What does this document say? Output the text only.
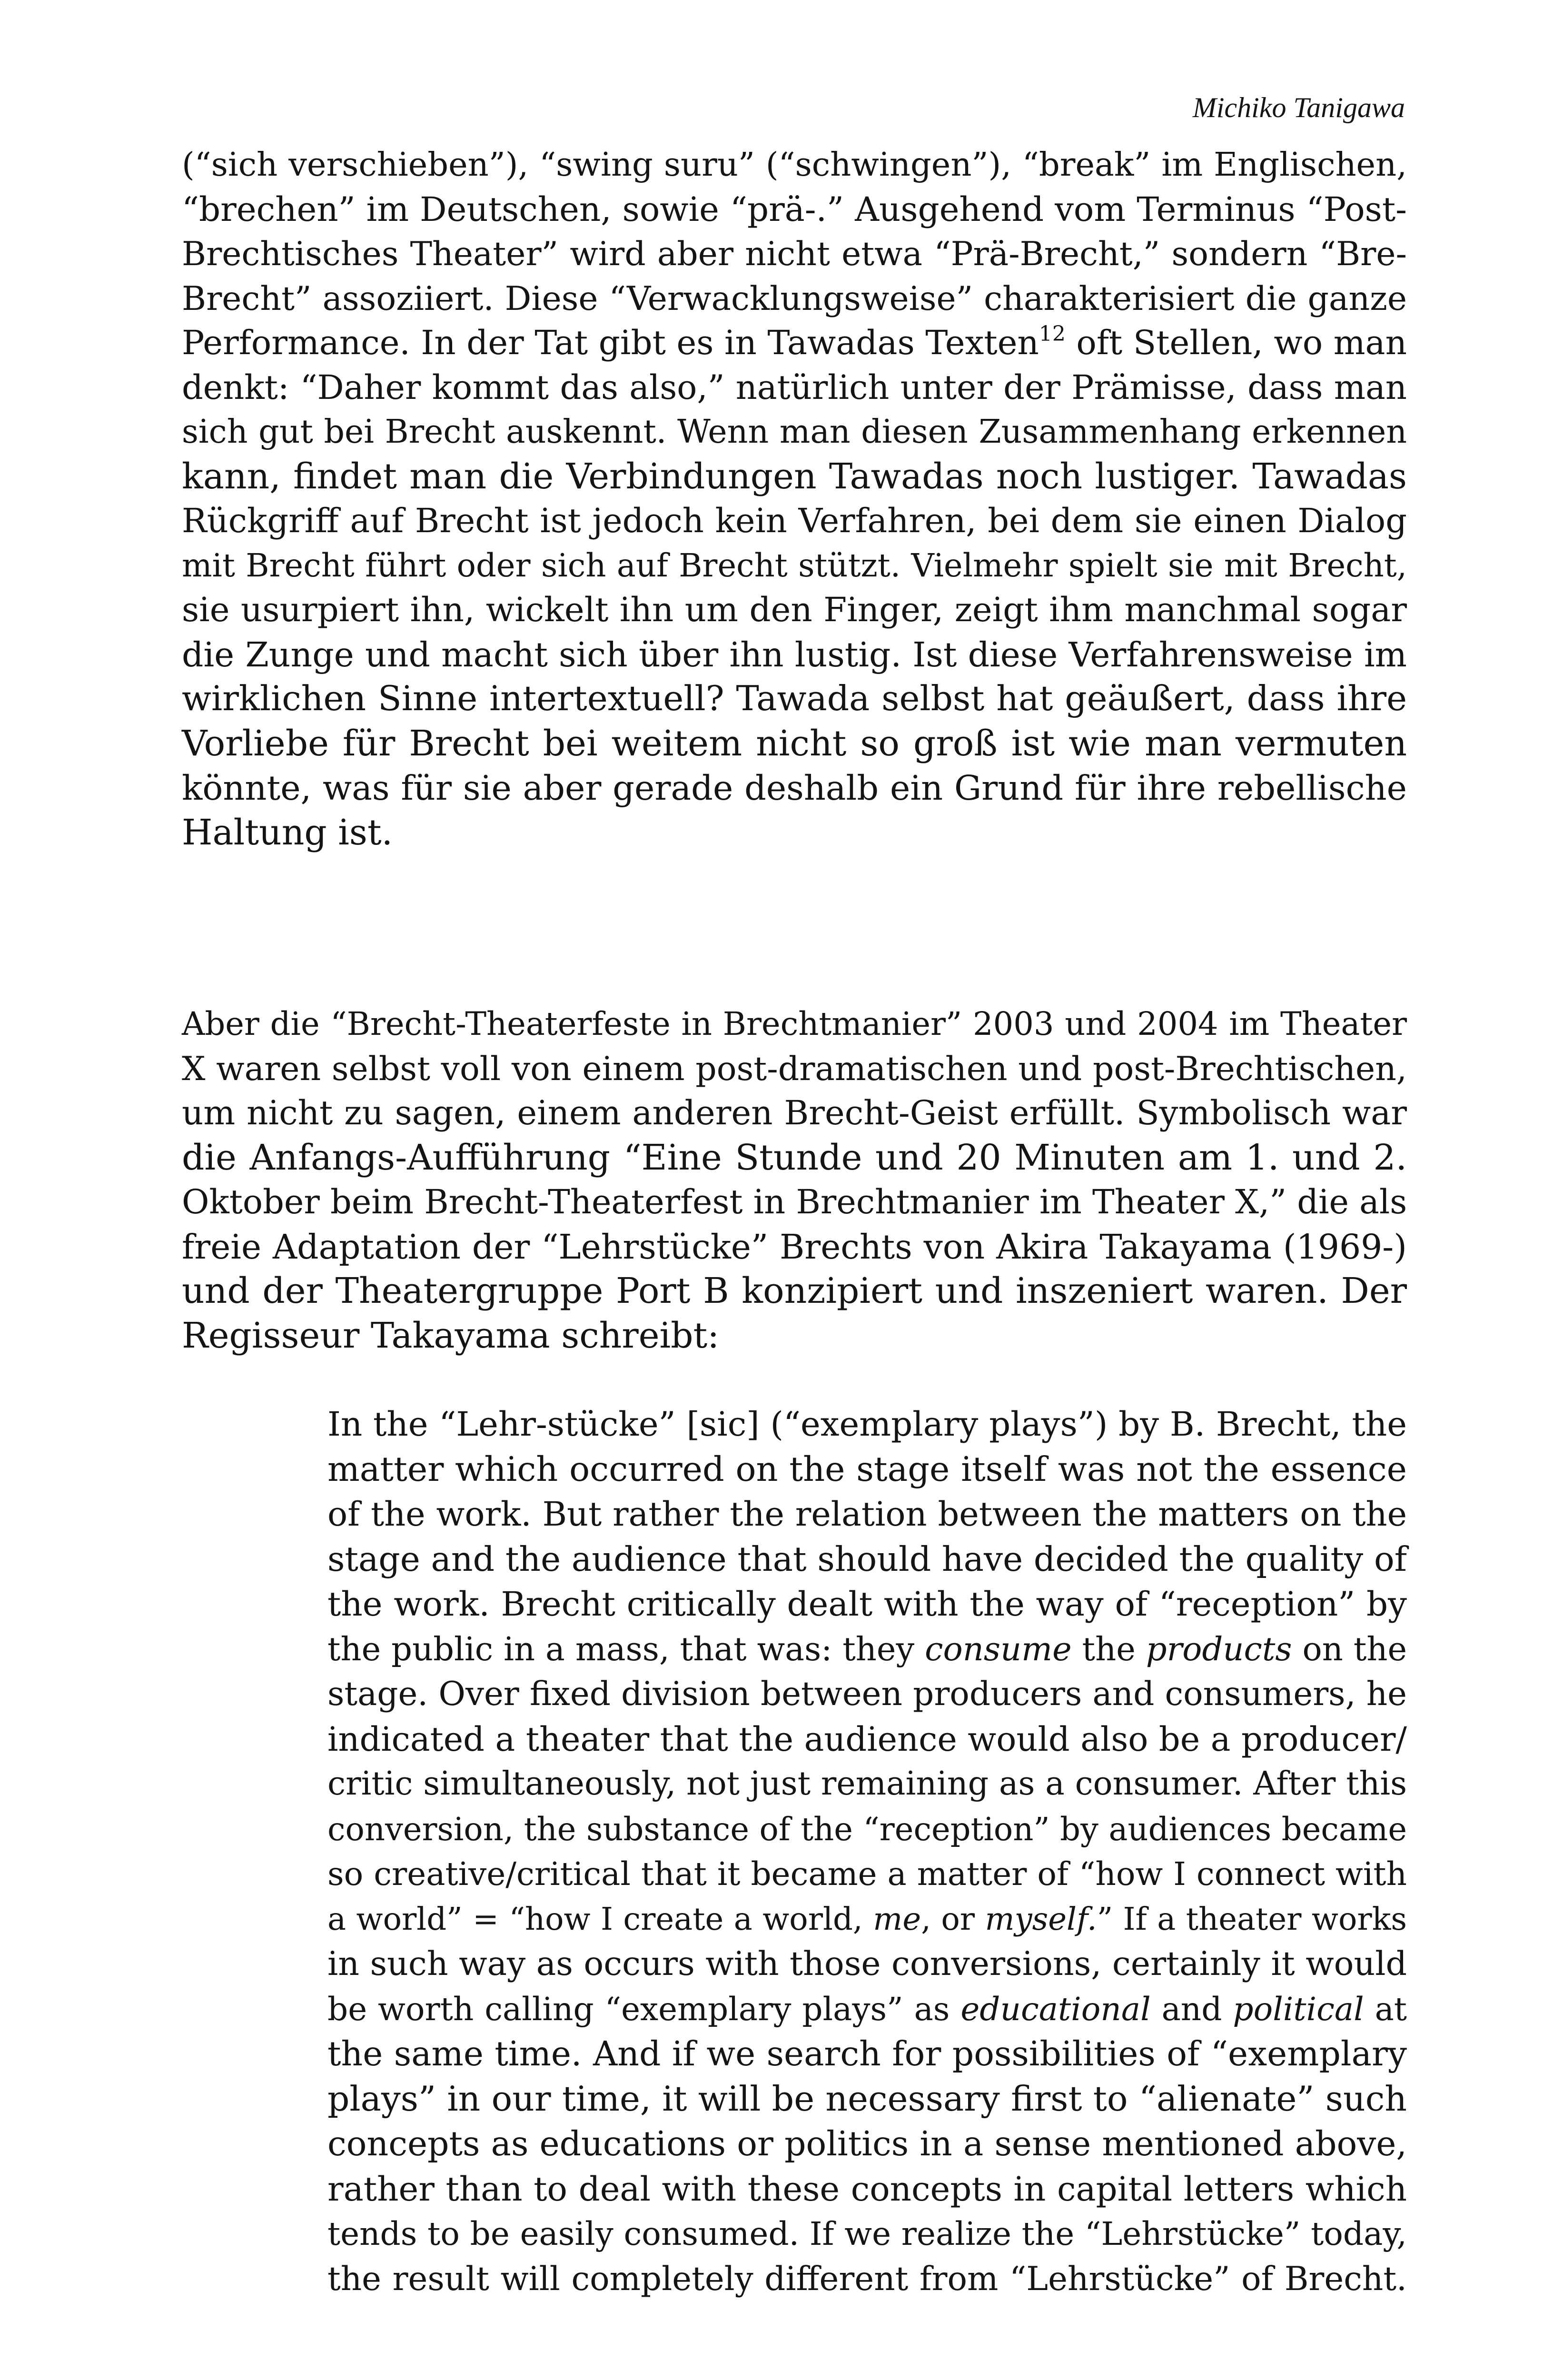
Michiko Tanigawa

(“sich verschieben”), “swing suru” (“schwingen”), “break” im Englischen,
“brechen” im Deutschen, sowie “prä-.” Ausgehend vom Terminus “Post-
Brechtisches Theater” wird aber nicht etwa “Prä-Brecht,” sondern “Bre-
Brecht” assoziiert. Diese “Verwacklungsweise” charakterisiert die ganze
Performance. In der Tat gibt es in Tawadas Texten$^{12}$ oft Stellen, wo man
denkt: “Daher kommt das also,” natürlich unter der Prämisse, dass man
sich gut bei Brecht auskennt. Wenn man diesen Zusammenhang erkennen
kann, findet man die Verbindungen Tawadas noch lustiger. Tawadas
Rückgriff auf Brecht ist jedoch kein Verfahren, bei dem sie einen Dialog
mit Brecht führt oder sich auf Brecht stützt. Vielmehr spielt sie mit Brecht,
sie usurpiert ihn, wickelt ihn um den Finger, zeigt ihm manchmal sogar
die Zunge und macht sich über ihn lustig. Ist diese Verfahrensweise im
wirklichen Sinne intertextuell? Tawada selbst hat geäußert, dass ihre
Vorliebe für Brecht bei weitem nicht so groß ist wie man vermuten
könnte, was für sie aber gerade deshalb ein Grund für ihre rebellische
Haltung ist.
Aber die “Brecht-Theaterfeste in Brechtmanier” 2003 und 2004 im Theater
X waren selbst voll von einem post-dramatischen und post-Brechtischen,
um nicht zu sagen, einem anderen Brecht-Geist erfüllt. Symbolisch war
die Anfangs-Aufführung “Eine Stunde und 20 Minuten am 1. und 2.
Oktober beim Brecht-Theaterfest in Brechtmanier im Theater X,” die als
freie Adaptation der “Lehrstücke” Brechts von Akira Takayama (1969-)
und der Theatergruppe Port B konzipiert und inszeniert waren. Der
Regisseur Takayama schreibt:
In the “Lehr-stücke” [sic] (“exemplary plays”) by B. Brecht, the
matter which occurred on the stage itself was not the essence
of the work. But rather the relation between the matters on the
stage and the audience that should have decided the quality of
the work. Brecht critically dealt with the way of “reception” by
the public in a mass, that was: they consume the products on the
stage. Over fixed division between producers and consumers, he
indicated a theater that the audience would also be a producer/
critic simultaneously, not just remaining as a consumer. After this
conversion, the substance of the “reception” by audiences became
so creative/critical that it became a matter of “how I connect with
a world” = “how I create a world, me, or myself.” If a theater works
in such way as occurs with those conversions, certainly it would
be worth calling “exemplary plays” as educational and political at
the same time. And if we search for possibilities of “exemplary
plays” in our time, it will be necessary first to “alienate” such
concepts as educations or politics in a sense mentioned above,
rather than to deal with these concepts in capital letters which
tends to be easily consumed. If we realize the “Lehrstücke” today,
the result will completely different from “Lehrstücke” of Brecht.
